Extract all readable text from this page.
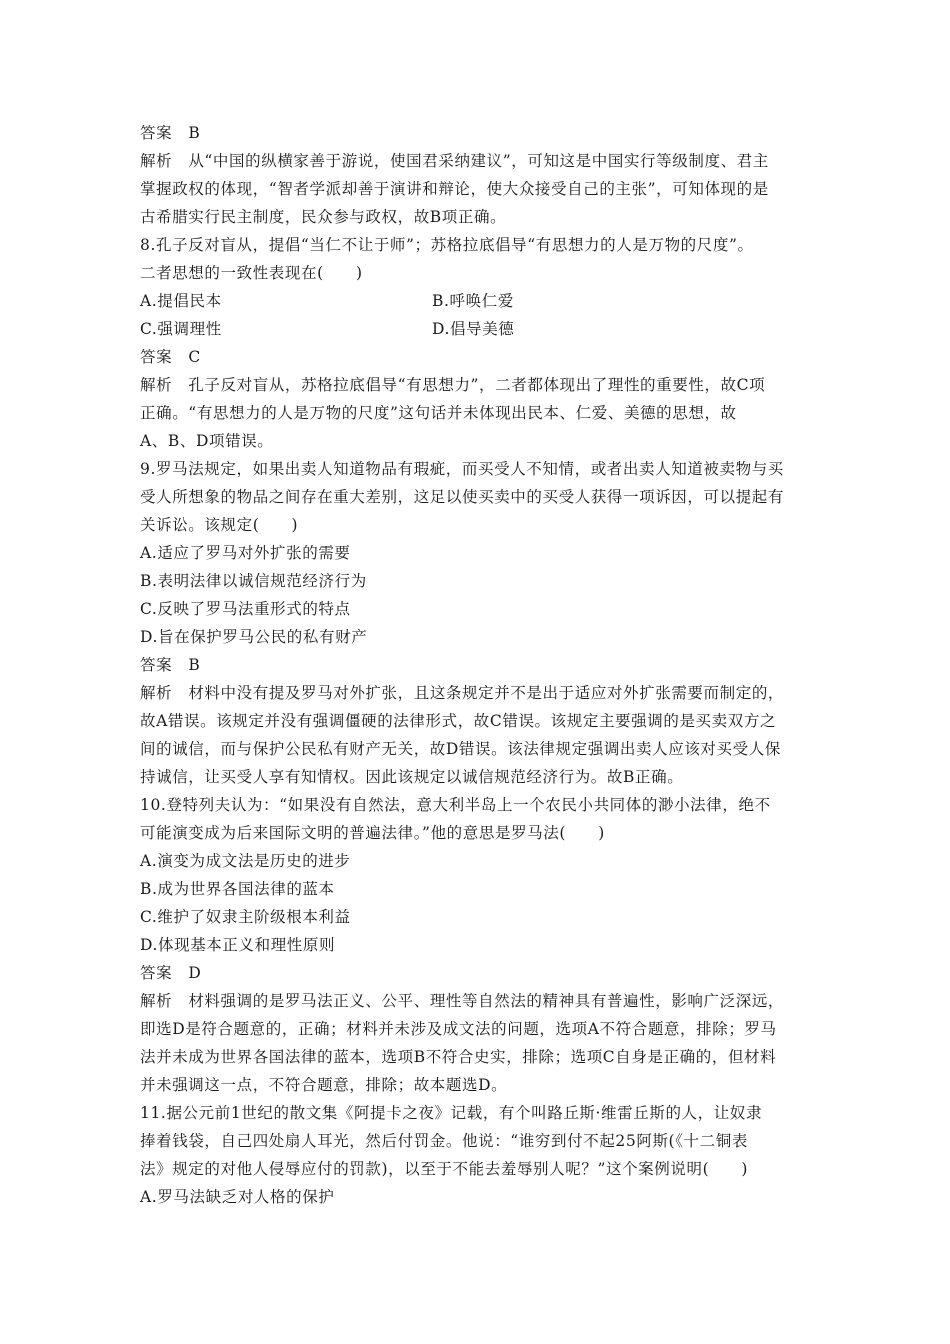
答案　 B
解析　 从“中国的纵横家善于游说，使国君采纳建议”，可知这是中国实行等级制度、君主
掌握政权的体现，“智者学派却善于演讲和辩论，使大众接受自己的主张”，可知体现的是
古希腊实行民主制度，民众参与政权，故B项正确。
8.孔子反对盲从，提倡“当仁不让于师”；苏格拉底倡导“有思想力的人是万物的尺度”。
二者思想的一致性表现在(　　)
A.提倡民本	B.呼唤仁爱
C.强调理性	D.倡导美德
答案　 C
解析　 孔子反对盲从，苏格拉底倡导“有思想力”，二者都体现出了理性的重要性，故C项
正确。“有思想力的人是万物的尺度”这句话并未体现出民本、仁爱、美德的思想，故
A、B、D项错误。
9.罗马法规定，如果出卖人知道物品有瑕疵，而买受人不知情，或者出卖人知道被卖物与买
受人所想象的物品之间存在重大差别，这足以使买卖中的买受人获得一项诉因，可以提起有
关诉讼。该规定(　　)
A.适应了罗马对外扩张的需要
B.表明法律以诚信规范经济行为
C.反映了罗马法重形式的特点
D.旨在保护罗马公民的私有财产
答案　 B
解析　 材料中没有提及罗马对外扩张，且这条规定并不是出于适应对外扩张需要而制定的，
故A错误。该规定并没有强调僵硬的法律形式，故C错误。该规定主要强调的是买卖双方之
间的诚信，而与保护公民私有财产无关，故D错误。该法律规定强调出卖人应该对买受人保
持诚信，让买受人享有知情权。因此该规定以诚信规范经济行为。故B正确。
10.登特列夫认为：“如果没有自然法，意大利半岛上一个农民小共同体的渺小法律，绝不
可能演变成为后来国际文明的普遍法律。”他的意思是罗马法(　　)
A.演变为成文法是历史的进步
B.成为世界各国法律的蓝本
C.维护了奴隶主阶级根本利益
D.体现基本正义和理性原则
答案　 D
解析　 材料强调的是罗马法正义、公平、理性等自然法的精神具有普遍性，影响广泛深远，
即选D是符合题意的，正确；材料并未涉及成文法的问题，选项A不符合题意，排除；罗马
法并未成为世界各国法律的蓝本，选项B不符合史实，排除；选项C自身是正确的，但材料
并未强调这一点，不符合题意，排除；故本题选D。
11.据公元前1世纪的散文集《阿提卡之夜》记载，有个叫路丘斯·维雷丘斯的人，让奴隶
捧着钱袋，自己四处扇人耳光，然后付罚金。他说：“谁穷到付不起25阿斯(《十二铜表
法》规定的对他人侵辱应付的罚款)，以至于不能去羞辱别人呢？”这个案例说明(　　)
A.罗马法缺乏对人格的保护
